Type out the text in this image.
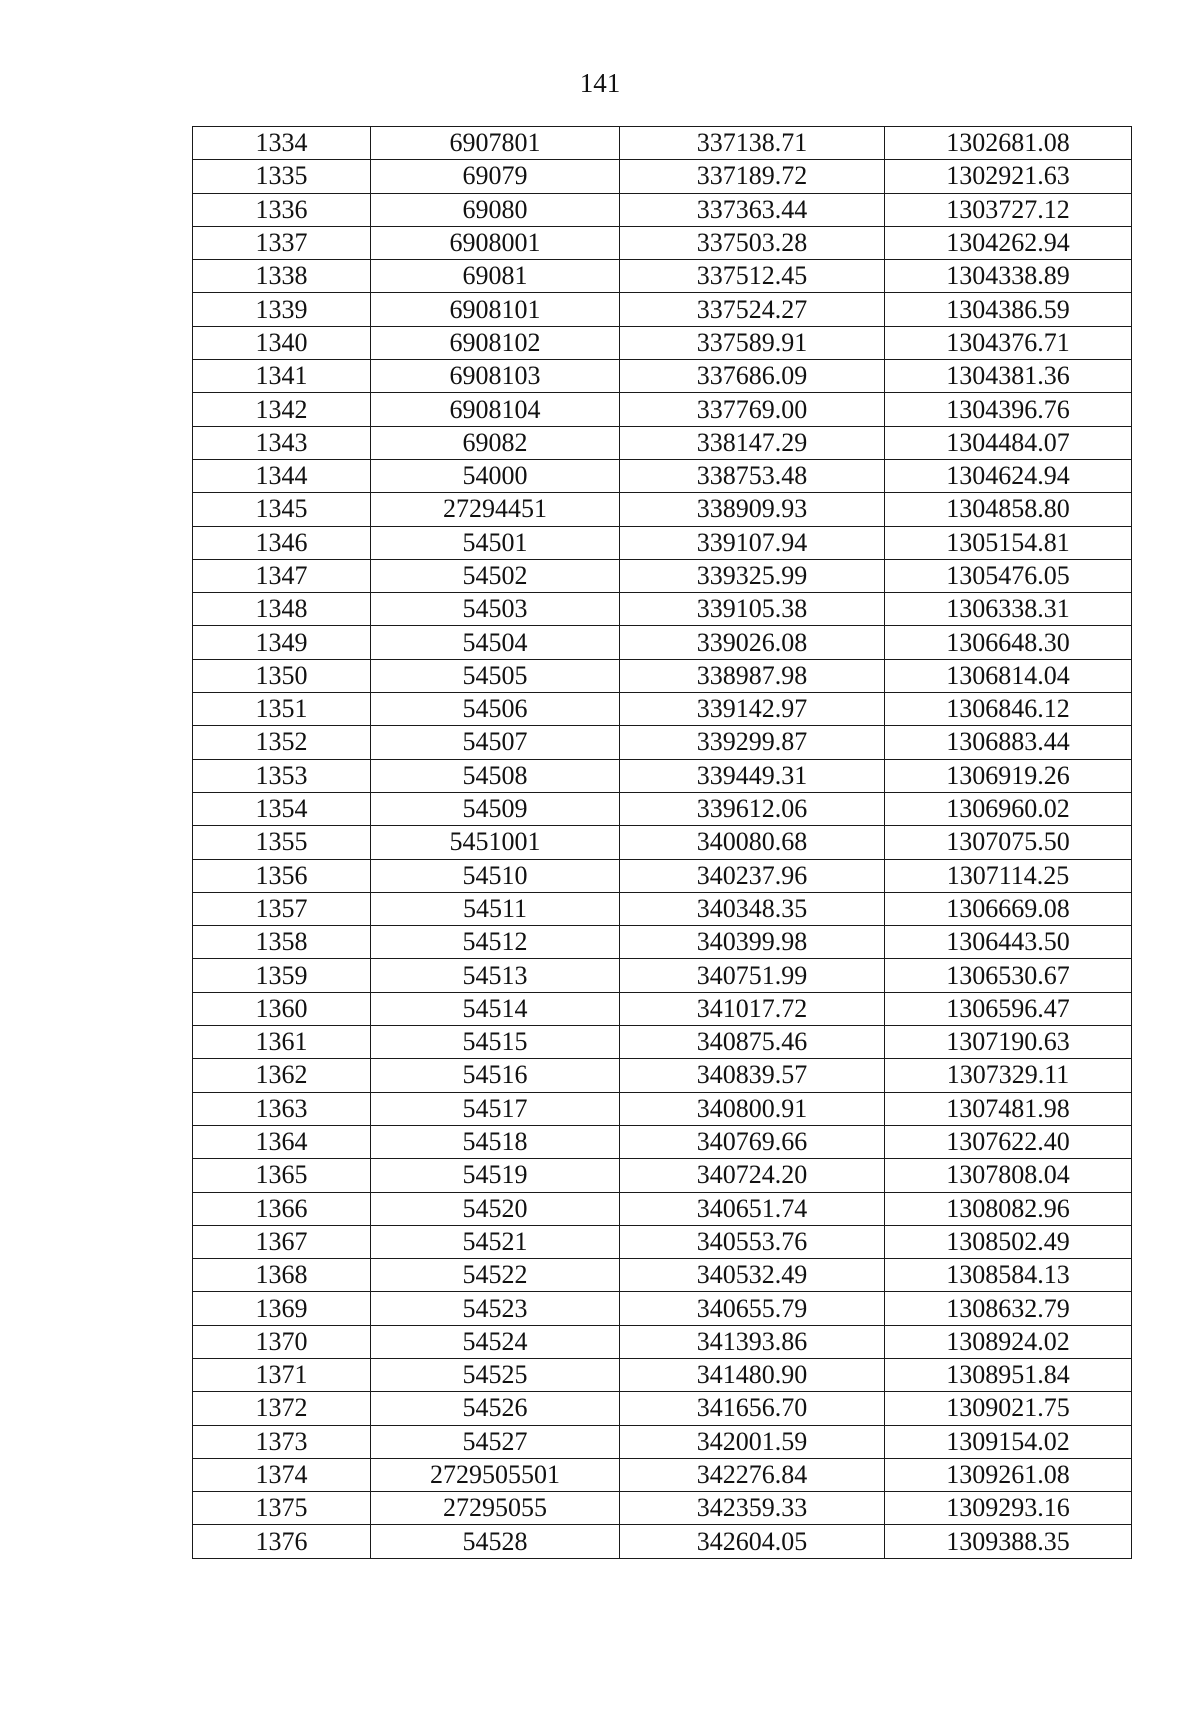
141
1334	6907801	337138.71	1302681.08
1335	69079	337189.72	1302921.63
1336	69080	337363.44	1303727.12
1337	6908001	337503.28	1304262.94
1338	69081	337512.45	1304338.89
1339	6908101	337524.27	1304386.59
1340	6908102	337589.91	1304376.71
1341	6908103	337686.09	1304381.36
1342	6908104	337769.00	1304396.76
1343	69082	338147.29	1304484.07
1344	54000	338753.48	1304624.94
1345	27294451	338909.93	1304858.80
1346	54501	339107.94	1305154.81
1347	54502	339325.99	1305476.05
1348	54503	339105.38	1306338.31
1349	54504	339026.08	1306648.30
1350	54505	338987.98	1306814.04
1351	54506	339142.97	1306846.12
1352	54507	339299.87	1306883.44
1353	54508	339449.31	1306919.26
1354	54509	339612.06	1306960.02
1355	5451001	340080.68	1307075.50
1356	54510	340237.96	1307114.25
1357	54511	340348.35	1306669.08
1358	54512	340399.98	1306443.50
1359	54513	340751.99	1306530.67
1360	54514	341017.72	1306596.47
1361	54515	340875.46	1307190.63
1362	54516	340839.57	1307329.11
1363	54517	340800.91	1307481.98
1364	54518	340769.66	1307622.40
1365	54519	340724.20	1307808.04
1366	54520	340651.74	1308082.96
1367	54521	340553.76	1308502.49
1368	54522	340532.49	1308584.13
1369	54523	340655.79	1308632.79
1370	54524	341393.86	1308924.02
1371	54525	341480.90	1308951.84
1372	54526	341656.70	1309021.75
1373	54527	342001.59	1309154.02
1374	2729505501	342276.84	1309261.08
1375	27295055	342359.33	1309293.16
1376	54528	342604.05	1309388.35
